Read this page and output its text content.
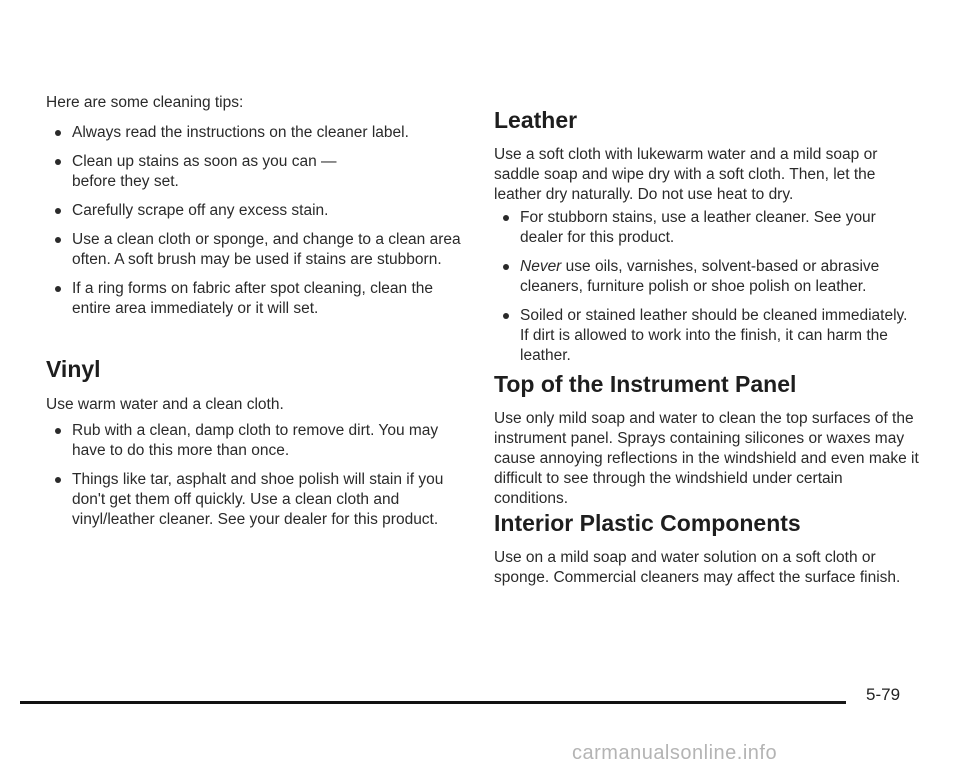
Here are some cleaning tips:

Always read the instructions on the cleaner label.
Clean up stains as soon as you can — before they set.
Carefully scrape off any excess stain.
Use a clean cloth or sponge, and change to a clean area often. A soft brush may be used if stains are stubborn.
If a ring forms on fabric after spot cleaning, clean the entire area immediately or it will set.
Vinyl

Use warm water and a clean cloth.

Rub with a clean, damp cloth to remove dirt. You may have to do this more than once.
Things like tar, asphalt and shoe polish will stain if you don't get them off quickly. Use a clean cloth and vinyl/leather cleaner. See your dealer for this product.
Leather

Use a soft cloth with lukewarm water and a mild soap or saddle soap and wipe dry with a soft cloth. Then, let the leather dry naturally. Do not use heat to dry.

For stubborn stains, use a leather cleaner. See your dealer for this product.
Never use oils, varnishes, solvent-based or abrasive cleaners, furniture polish or shoe polish on leather.
Soiled or stained leather should be cleaned immediately. If dirt is allowed to work into the finish, it can harm the leather.
Top of the Instrument Panel

Use only mild soap and water to clean the top surfaces of the instrument panel. Sprays containing silicones or waxes may cause annoying reflections in the windshield and even make it difficult to see through the windshield under certain conditions.

Interior Plastic Components

Use on a mild soap and water solution on a soft cloth or sponge. Commercial cleaners may affect the surface finish.

5-79
carmanualsonline.info
